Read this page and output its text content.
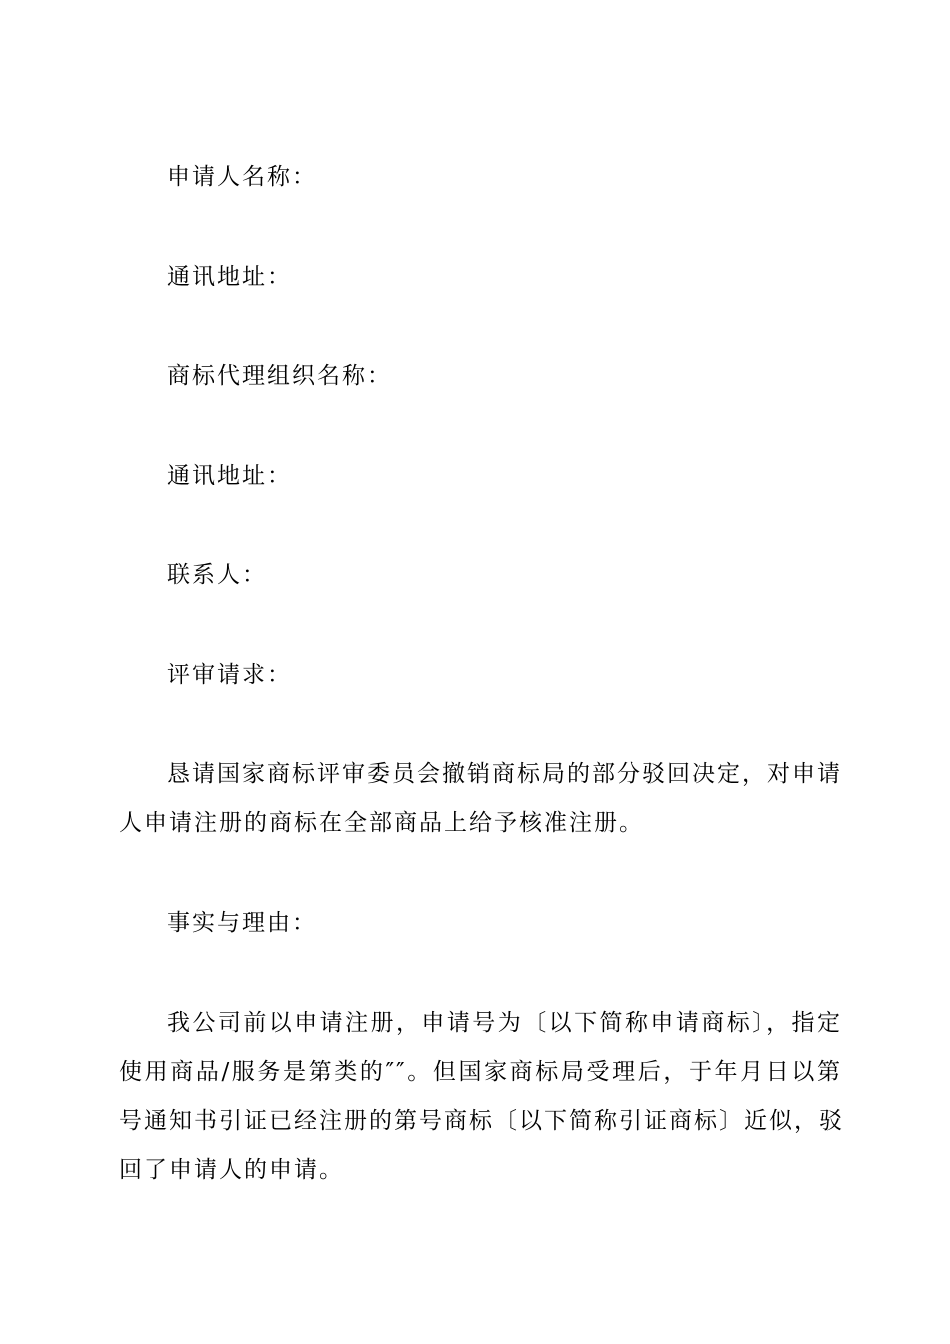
申请人名称：
通讯地址：
商标代理组织名称：
通讯地址：
联系人：
评审请求：
恳请国家商标评审委员会撤销商标局的部分驳回决定，对申请
人申请注册的商标在全部商品上给予核准注册。
事实与理由：
我公司前以申请注册，申请号为〔以下简称申请商标〕，指定
使用商品/服务是第类的″″。但国家商标局受理后，于年月日以第
号通知书引证已经注册的第号商标〔以下简称引证商标〕近似，驳
回了申请人的申请。
